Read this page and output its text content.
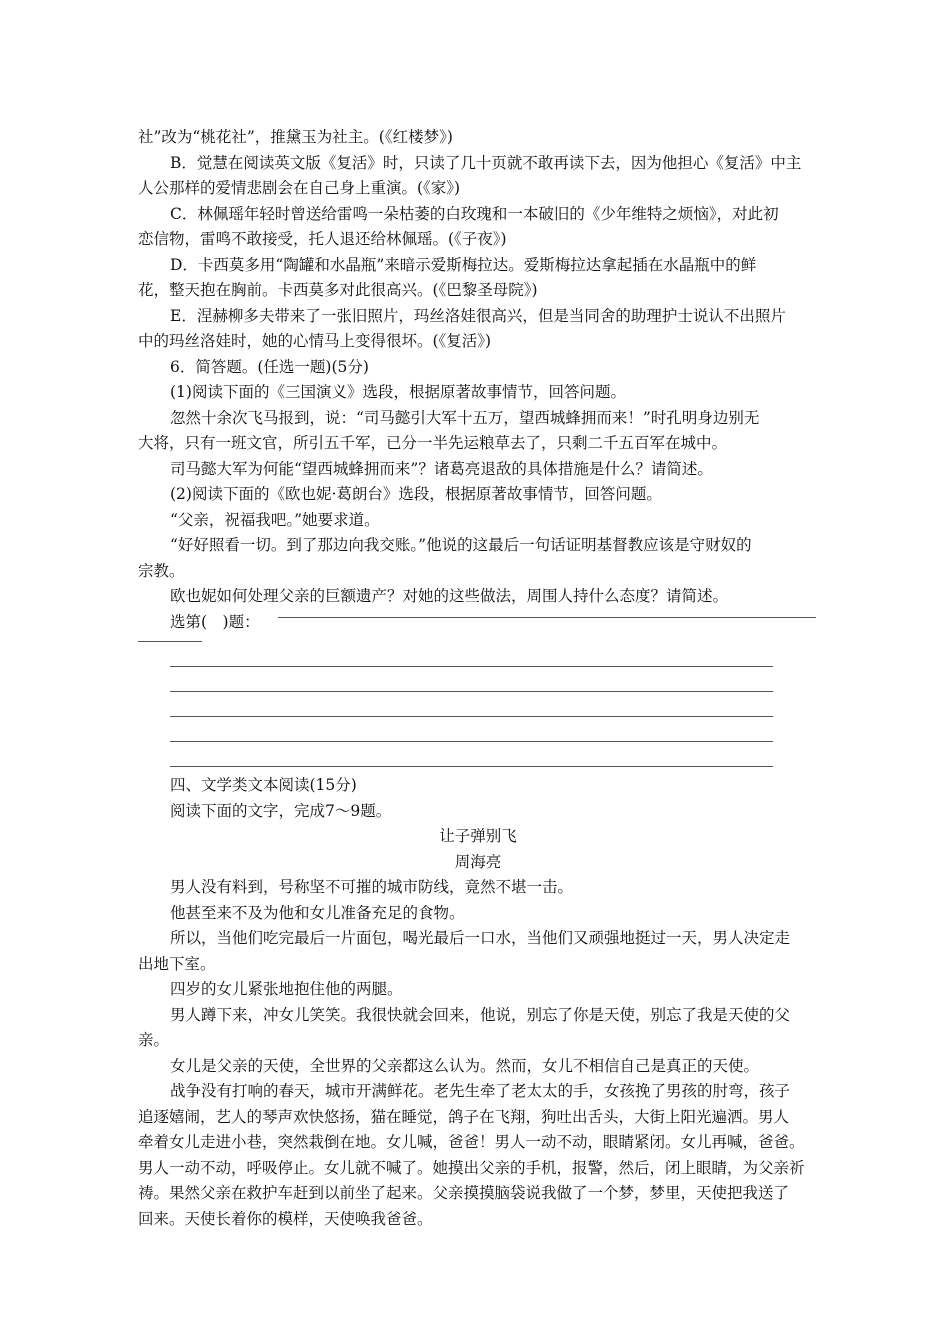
社”改为“桃花社”，推黛玉为社主。(《红楼梦》)
B．觉慧在阅读英文版《复活》时，只读了几十页就不敢再读下去，因为他担心《复活》中主
人公那样的爱情悲剧会在自己身上重演。(《家》)
C．林佩瑶年轻时曾送给雷鸣一朵枯萎的白玫瑰和一本破旧的《少年维特之烦恼》，对此初
恋信物，雷鸣不敢接受，托人退还给林佩瑶。(《子夜》)
D．卡西莫多用“陶罐和水晶瓶”来暗示爱斯梅拉达。爱斯梅拉达拿起插在水晶瓶中的鲜
花，整天抱在胸前。卡西莫多对此很高兴。(《巴黎圣母院》)
E．涅赫柳多夫带来了一张旧照片，玛丝洛娃很高兴，但是当同舍的助理护士说认不出照片
中的玛丝洛娃时，她的心情马上变得很坏。(《复活》)
6．简答题。(任选一题)(5分)
(1)阅读下面的《三国演义》选段，根据原著故事情节，回答问题。
忽然十余次飞马报到，说：“司马懿引大军十五万，望西城蜂拥而来！”时孔明身边别无
大将，只有一班文官，所引五千军，已分一半先运粮草去了，只剩二千五百军在城中。
司马懿大军为何能“望西城蜂拥而来”？诸葛亮退敌的具体措施是什么？请简述。
(2)阅读下面的《欧也妮·葛朗台》选段，根据原著故事情节，回答问题。
“父亲，祝福我吧。”她要求道。
“好好照看一切。到了那边向我交账。”他说的这最后一句话证明基督教应该是守财奴的
宗教。
欧也妮如何处理父亲的巨额遗产？对她的这些做法，周围人持什么态度？请简述。
选第(　)题：
四、文学类文本阅读(15分)
阅读下面的文字，完成7～9题。
让子弹别飞
周海亮
男人没有料到，号称坚不可摧的城市防线，竟然不堪一击。
他甚至来不及为他和女儿准备充足的食物。
所以，当他们吃完最后一片面包，喝光最后一口水，当他们又顽强地挺过一天，男人决定走
出地下室。
四岁的女儿紧张地抱住他的两腿。
男人蹲下来，冲女儿笑笑。我很快就会回来，他说，别忘了你是天使，别忘了我是天使的父
亲。
女儿是父亲的天使，全世界的父亲都这么认为。然而，女儿不相信自己是真正的天使。
战争没有打响的春天，城市开满鲜花。老先生牵了老太太的手，女孩挽了男孩的肘弯，孩子
追逐嬉闹，艺人的琴声欢快悠扬，猫在睡觉，鸽子在飞翔，狗吐出舌头，大街上阳光遍洒。男人
牵着女儿走进小巷，突然栽倒在地。女儿喊，爸爸！男人一动不动，眼睛紧闭。女儿再喊，爸爸。
男人一动不动，呼吸停止。女儿就不喊了。她摸出父亲的手机，报警，然后，闭上眼睛，为父亲祈
祷。果然父亲在救护车赶到以前坐了起来。父亲摸摸脑袋说我做了一个梦，梦里，天使把我送了
回来。天使长着你的模样，天使唤我爸爸。
